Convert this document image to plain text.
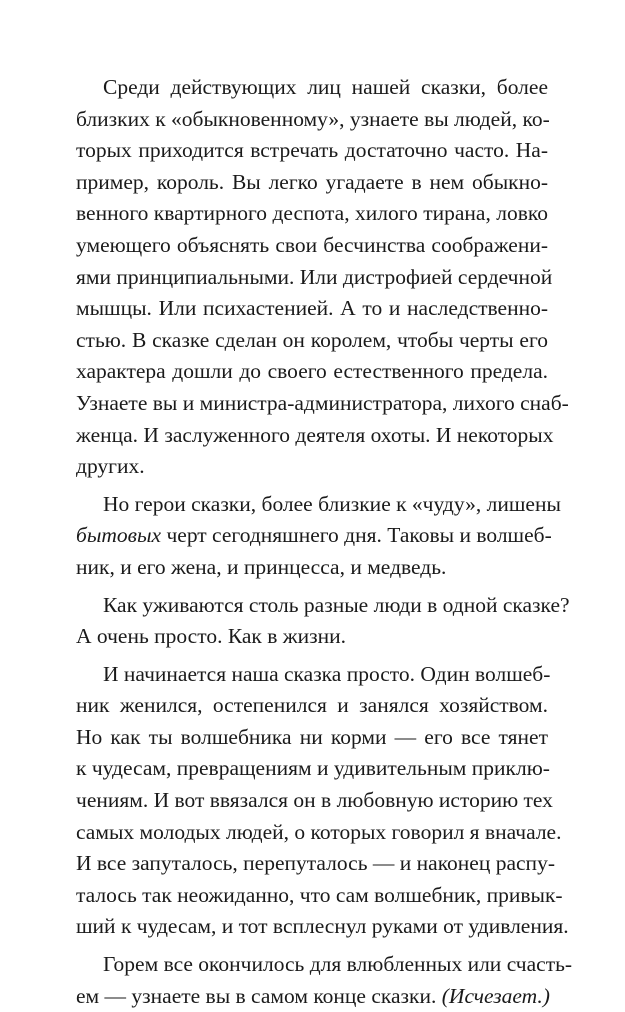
Среди действующих лиц нашей сказки, более
близких к «обыкновенному», узнаете вы людей, ко-
торых приходится встречать достаточно часто. На-
пример, король. Вы легко угадаете в нем обыкно-
венного квартирного деспота, хилого тирана, ловко
умеющего объяснять свои бесчинства соображени-
ями принципиальными. Или дистрофией сердечной
мышцы. Или психастенией. А то и наследственно-
стью. В сказке сделан он королем, чтобы черты его
характера дошли до своего естественного предела.
Узнаете вы и министра-администратора, лихого снаб-
женца. И заслуженного деятеля охоты. И некоторых
других.

Но герои сказки, более близкие к «чуду», лишены
бытовых черт сегодняшнего дня. Таковы и волшеб-
ник, и его жена, и принцесса, и медведь.

Как уживаются столь разные люди в одной сказке?
А очень просто. Как в жизни.

И начинается наша сказка просто. Один волшеб-
ник женился, остепенился и занялся хозяйством.
Но как ты волшебника ни корми — его все тянет
к чудесам, превращениям и удивительным приклю-
чениям. И вот ввязался он в любовную историю тех
самых молодых людей, о которых говорил я вначале.
И все запуталось, перепуталось — и наконец распу-
талось так неожиданно, что сам волшебник, привык-
ший к чудесам, и тот всплеснул руками от удивления.

Горем все окончилось для влюбленных или счасть-
ем — узнаете вы в самом конце сказки. (Исчезает.)
